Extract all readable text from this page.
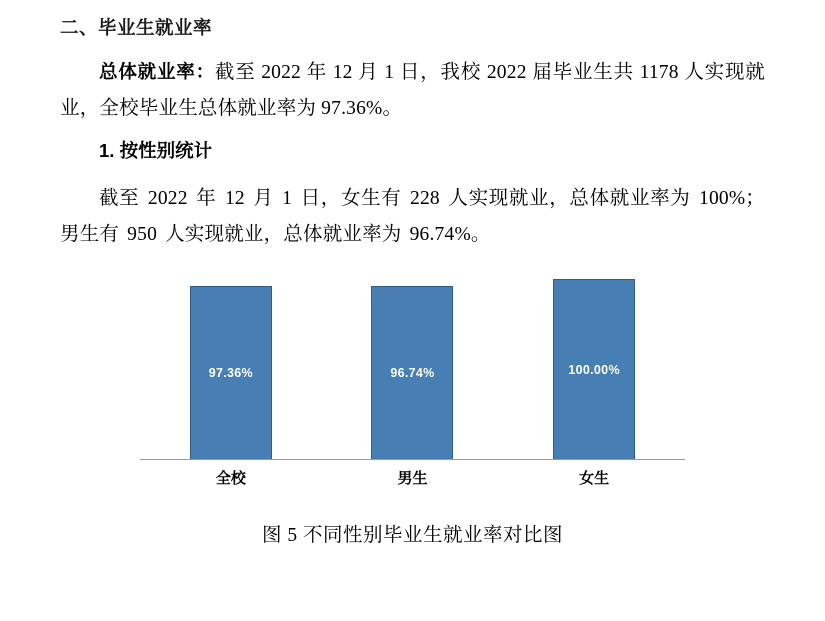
二、毕业生就业率

总体就业率：截至 2022 年 12 月 1 日，我校 2022 届毕业生共 1178 人实现就业，全校毕业生总体就业率为 97.36%。

1. 按性别统计

截至 2022 年 12 月 1 日，女生有 228 人实现就业，总体就业率为 100%；男生有 950 人实现就业，总体就业率为 96.74%。

97.36%	96.74%	100.00%
全校	男生	女生
图 5 不同性别毕业生就业率对比图
